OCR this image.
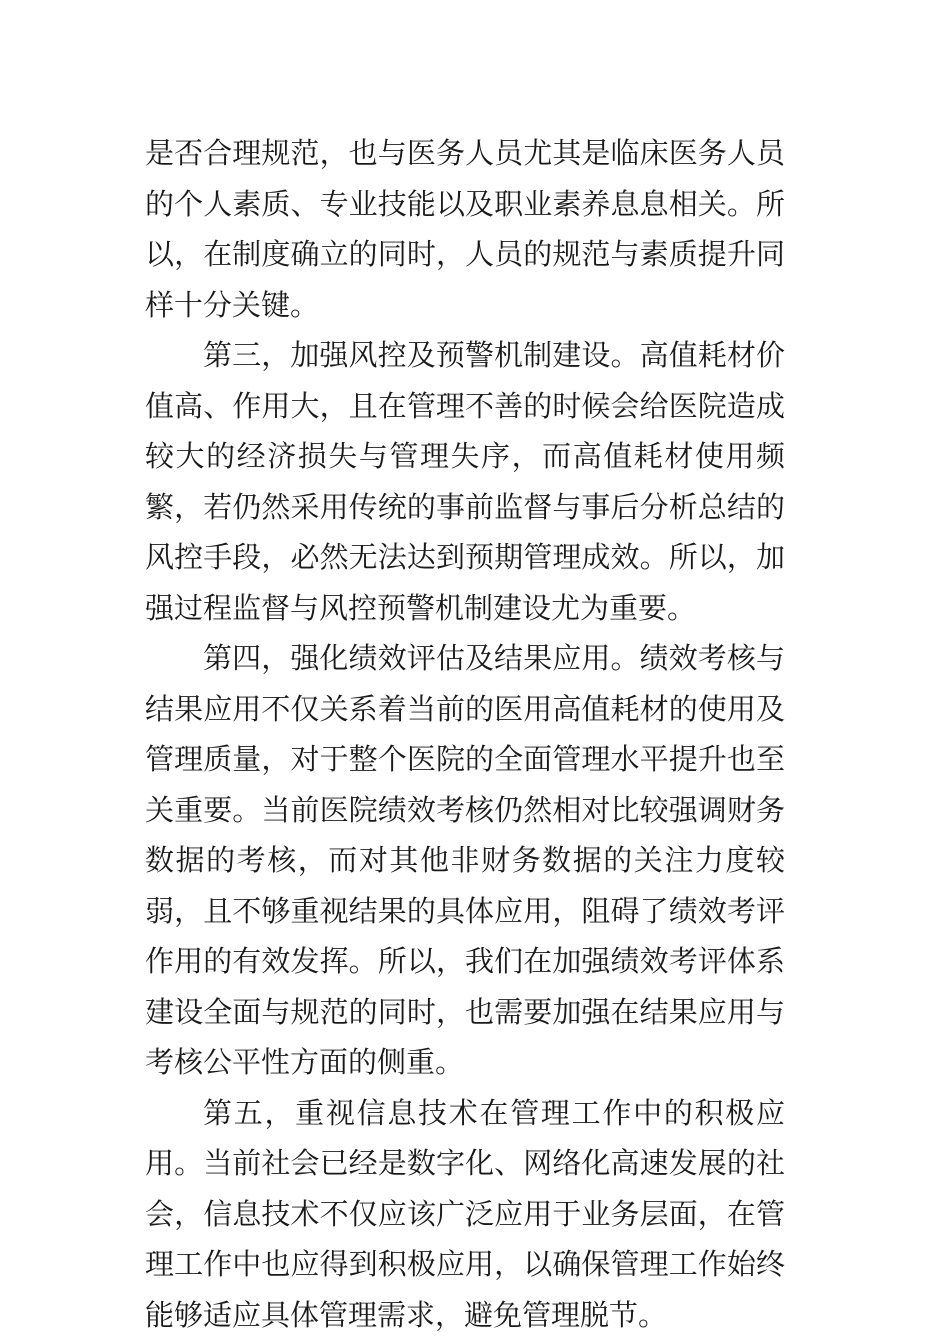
是否合理规范，也与医务人员尤其是临床医务人员的个人素质、专业技能以及职业素养息息相关。所以，在制度确立的同时，人员的规范与素质提升同样十分关键。

第三，加强风控及预警机制建设。高值耗材价值高、作用大，且在管理不善的时候会给医院造成较大的经济损失与管理失序，而高值耗材使用频繁，若仍然采用传统的事前监督与事后分析总结的风控手段，必然无法达到预期管理成效。所以，加强过程监督与风控预警机制建设尤为重要。

第四，强化绩效评估及结果应用。绩效考核与结果应用不仅关系着当前的医用高值耗材的使用及管理质量，对于整个医院的全面管理水平提升也至关重要。当前医院绩效考核仍然相对比较强调财务数据的考核，而对其他非财务数据的关注力度较弱，且不够重视结果的具体应用，阻碍了绩效考评作用的有效发挥。所以，我们在加强绩效考评体系建设全面与规范的同时，也需要加强在结果应用与考核公平性方面的侧重。

第五，重视信息技术在管理工作中的积极应用。当前社会已经是数字化、网络化高速发展的社会，信息技术不仅应该广泛应用于业务层面，在管理工作中也应得到积极应用，以确保管理工作始终能够适应具体管理需求，避免管理脱节。
